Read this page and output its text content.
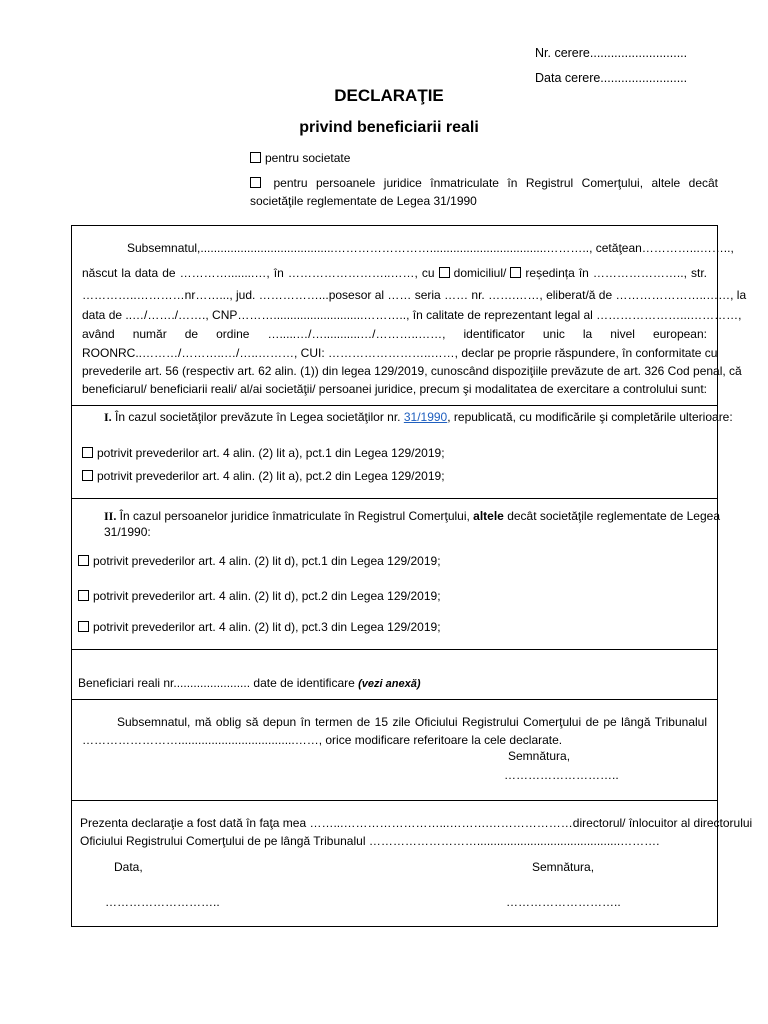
Nr. cerere............................
Data cerere.........................
DECLARAŢIE
privind beneficiarii reali
pentru societate
pentru persoanele juridice înmatriculate în Registrul Comerţului, altele decât
societăţile reglementate de Legea 31/1990
Subsemnatul,........................................……………………...................................……….., cetăţean…………...……..,
născut la data de …………........…, în ……………………..……, cu domiciliul/ reședința în ………………….., str.
…………..…………nr……..., jud. ……………...posesor al …… seria …… nr. …….……, eliberat/ă de …………………..……, la
data de ..…/……./……., CNP………...........................……….., în calitate de reprezentant legal al …………………...…………,
având număr de ordine ….....…/…...........…/………..……, identificator unic la nivel european:
ROONRC..………/………..…/…..………, CUI: ……………………..……, declar pe proprie răspundere, în conformitate cu
prevederile art. 56 (respectiv art. 62 alin. (1)) din legea 129/2019, cunoscând dispoziţiile prevăzute de art. 326 Cod penal, că
beneficiarul/ beneficiarii reali/ al/ai societăţii/ persoanei juridice, precum şi modalitatea de exercitare a controlului sunt:
I. În cazul societăţilor prevăzute în Legea societăţilor nr. 31/1990, republicată, cu modificările şi completările ulterioare:
potrivit prevederilor art. 4 alin. (2) lit a), pct.1 din Legea 129/2019;
potrivit prevederilor art. 4 alin. (2) lit a), pct.2 din Legea 129/2019;
II. În cazul persoanelor juridice înmatriculate în Registrul Comerţului, altele decât societăţile reglementate de Legea
31/1990:
potrivit prevederilor art. 4 alin. (2) lit d), pct.1 din Legea 129/2019;
potrivit prevederilor art. 4 alin. (2) lit d), pct.2 din Legea 129/2019;
potrivit prevederilor art. 4 alin. (2) lit d), pct.3 din Legea 129/2019;
Beneficiari reali nr....................... date de identificare (vezi anexă)
Subsemnatul, mă oblig să depun în termen de 15 zile Oficiului Registrului Comerţului de pe lângă Tribunalul
……………………...................................……, orice modificare referitoare la cele declarate.
Semnătura,
………………………..
Prezenta declaraţie a fost dată în faţa mea ……...……………………...……….…………………directorul/ înlocuitor al directorului
Oficiului Registrului Comerţului de pe lângă Tribunalul ………………………...........................................……….
Data,	Semnătura,
………………………..	………………………..
